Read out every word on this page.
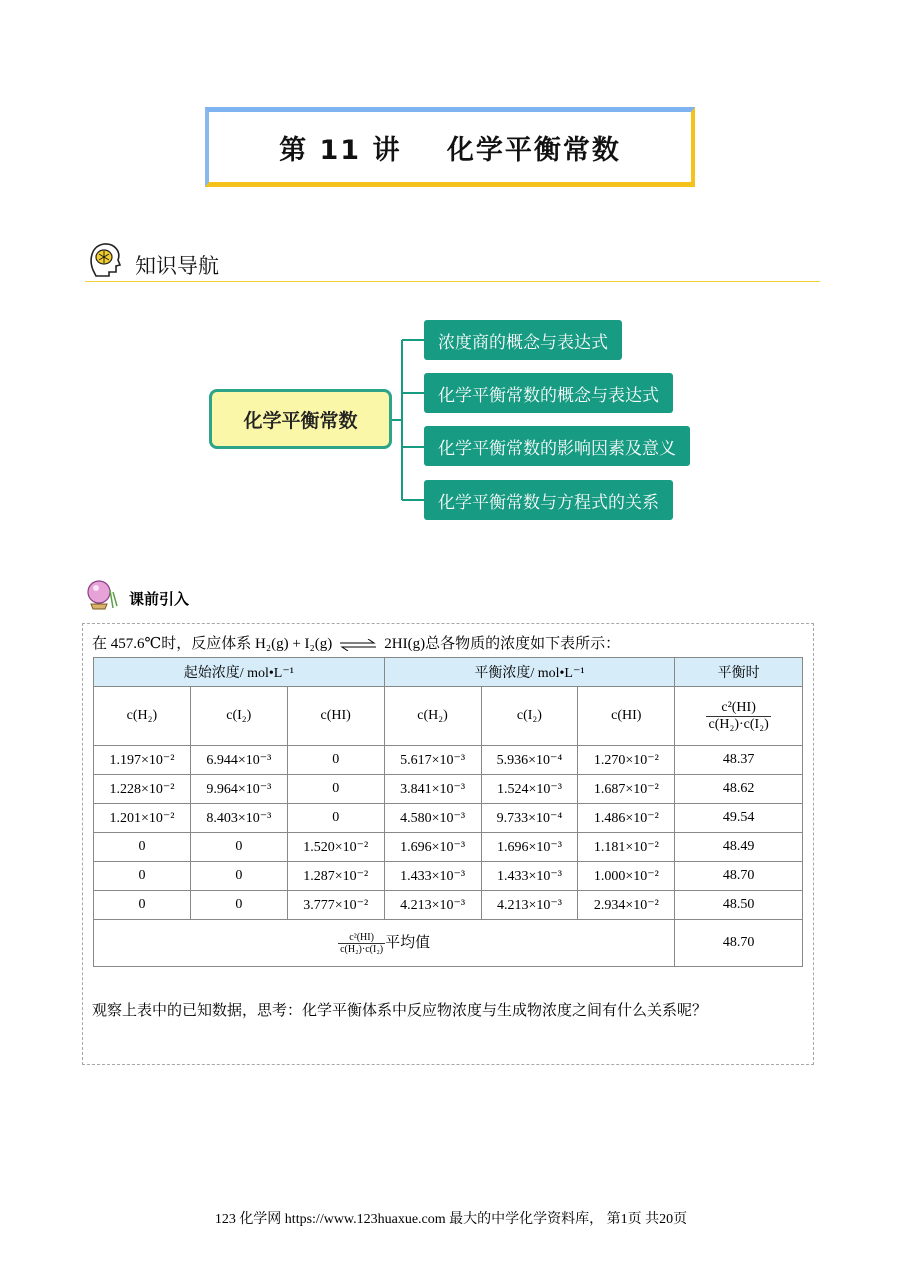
第 11 讲 化学平衡常数
知识导航
化学平衡常数
浓度商的概念与表达式
化学平衡常数的概念与表达式
化学平衡常数的影响因素及意义
化学平衡常数与方程式的关系
课前引入
在 457.6℃时，反应体系 H₂(g) + I₂(g) ⇌ 2HI(g)总各物质的浓度如下表所示：
起始浓度/ mol•L⁻¹			平衡浓度/ mol•L⁻¹			平衡时
c(H₂)	c(I₂)	c(HI)	c(H₂)	c(I₂)	c(HI)	$\frac{\text{c²(HI)}}{\text{c(H₂)·c(I₂)}}$

1.197×10⁻²	6.944×10⁻³	0	5.617×10⁻³	5.936×10⁻⁴	1.270×10⁻²	48.37
1.228×10⁻²	9.964×10⁻³	0	3.841×10⁻³	1.524×10⁻³	1.687×10⁻²	48.62
1.201×10⁻²	8.403×10⁻³	0	4.580×10⁻³	9.733×10⁻⁴	1.486×10⁻²	49.54
0	0	1.520×10⁻²	1.696×10⁻³	1.696×10⁻³	1.181×10⁻²	48.49
0	0	1.287×10⁻²	1.433×10⁻³	1.433×10⁻³	1.000×10⁻²	48.70
0	0	3.777×10⁻²	4.213×10⁻³	4.213×10⁻³	2.934×10⁻²	48.50

$\frac{\text{c²(HI)}}{\text{c(H₂)·c(I₂)}}$ 平均值						48.70
观察上表中的已知数据，思考：化学平衡体系中反应物浓度与生成物浓度之间有什么关系呢？
123 化学网 https://www.123huaxue.com 最大的中学化学资料库， 第1页 共20页
